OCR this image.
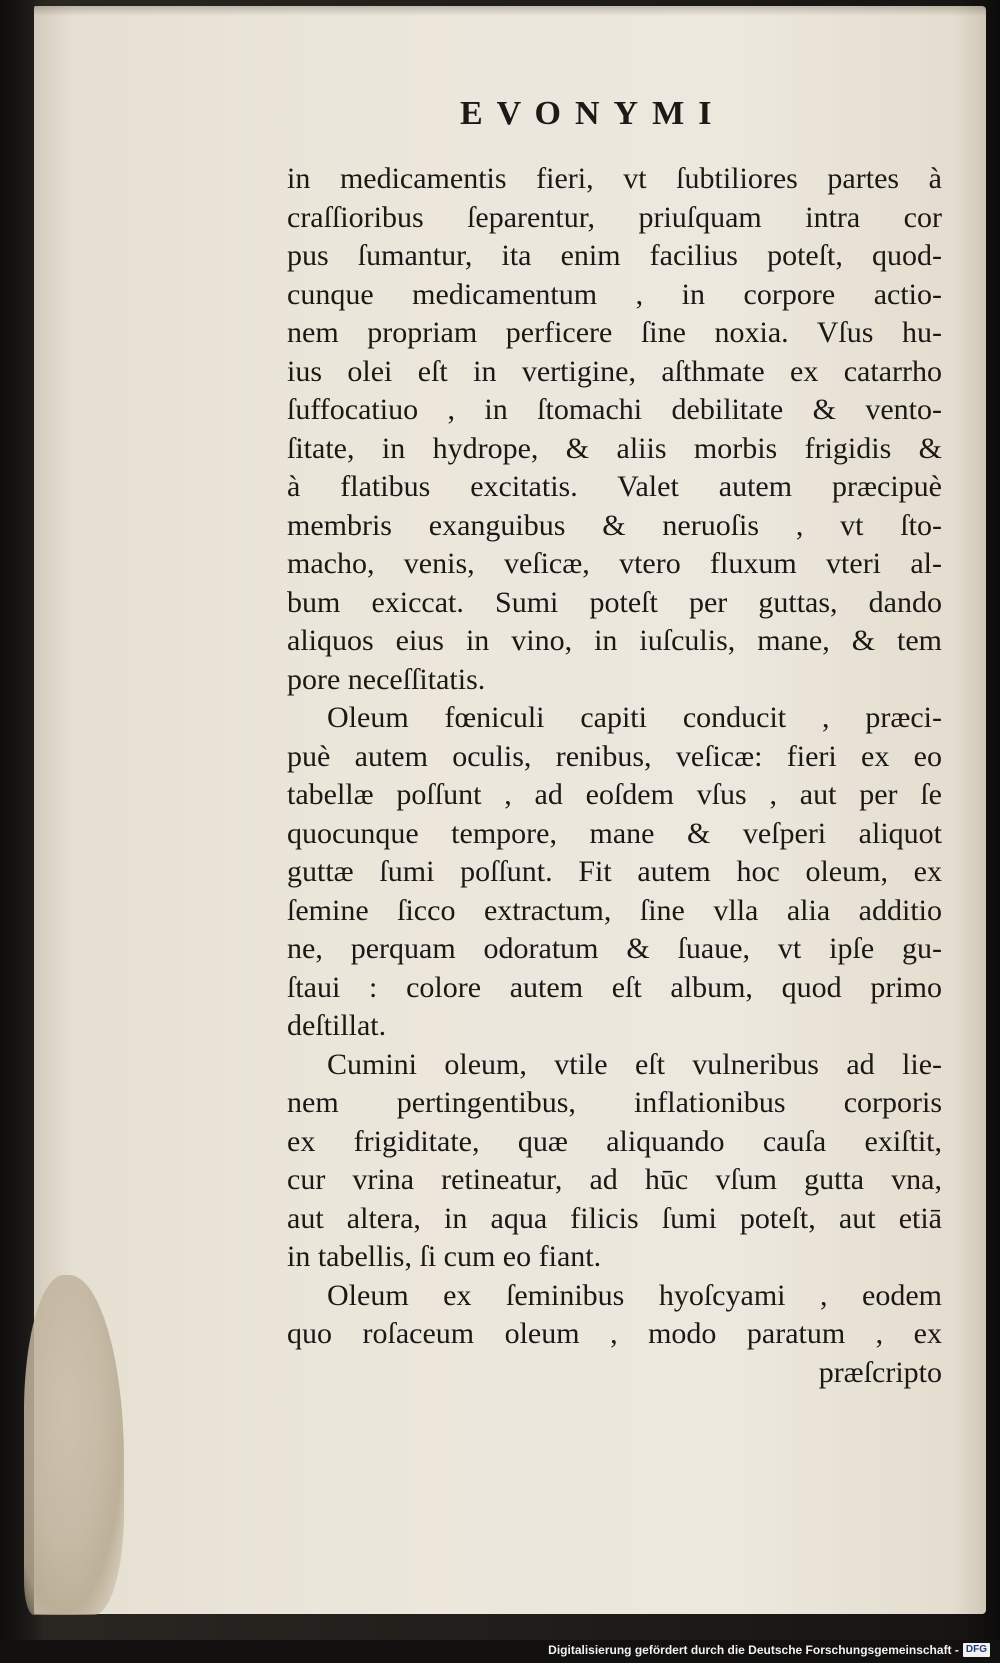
EVONYMI
in medicamentis fieri, vt ſubtiliores partes à
craſſioribus ſeparentur, priuſquam intra cor
pus ſumantur, ita enim facilius poteſt, quod-
cunque medicamentum , in corpore actio-
nem propriam perficere ſine noxia. Vſus hu-
ius olei eſt in vertigine, aſthmate ex catarrho
ſuffocatiuo , in ſtomachi debilitate & vento-
ſitate, in hydrope, & aliis morbis frigidis &
à flatibus excitatis. Valet autem præcipuè
membris exanguibus & neruoſis , vt ſto-
macho, venis, veſicæ, vtero fluxum vteri al-
bum exiccat. Sumi poteſt per guttas, dando
aliquos eius in vino, in iuſculis, mane, & tem
pore neceſſitatis.
Oleum fœniculi capiti conducit , præci-
puè autem oculis, renibus, veſicæ: fieri ex eo
tabellæ poſſunt , ad eoſdem vſus , aut per ſe
quocunque tempore, mane & veſperi aliquot
guttæ ſumi poſſunt. Fit autem hoc oleum, ex
ſemine ſicco extractum, ſine vlla alia additio
ne, perquam odoratum & ſuaue, vt ipſe gu-
ſtaui : colore autem eſt album, quod primo
deſtillat.
Cumini oleum, vtile eſt vulneribus ad lie-
nem pertingentibus, inflationibus corporis
ex frigiditate, quæ aliquando cauſa exiſtit,
cur vrina retineatur, ad hūc vſum gutta vna,
aut altera, in aqua filicis ſumi poteſt, aut etiā
in tabellis, ſi cum eo fiant.
Oleum ex ſeminibus hyoſcyami , eodem
quo roſaceum oleum , modo paratum , ex
præſcripto
Digitalisierung gefördert durch die Deutsche Forschungsgemeinschaft - DFG
